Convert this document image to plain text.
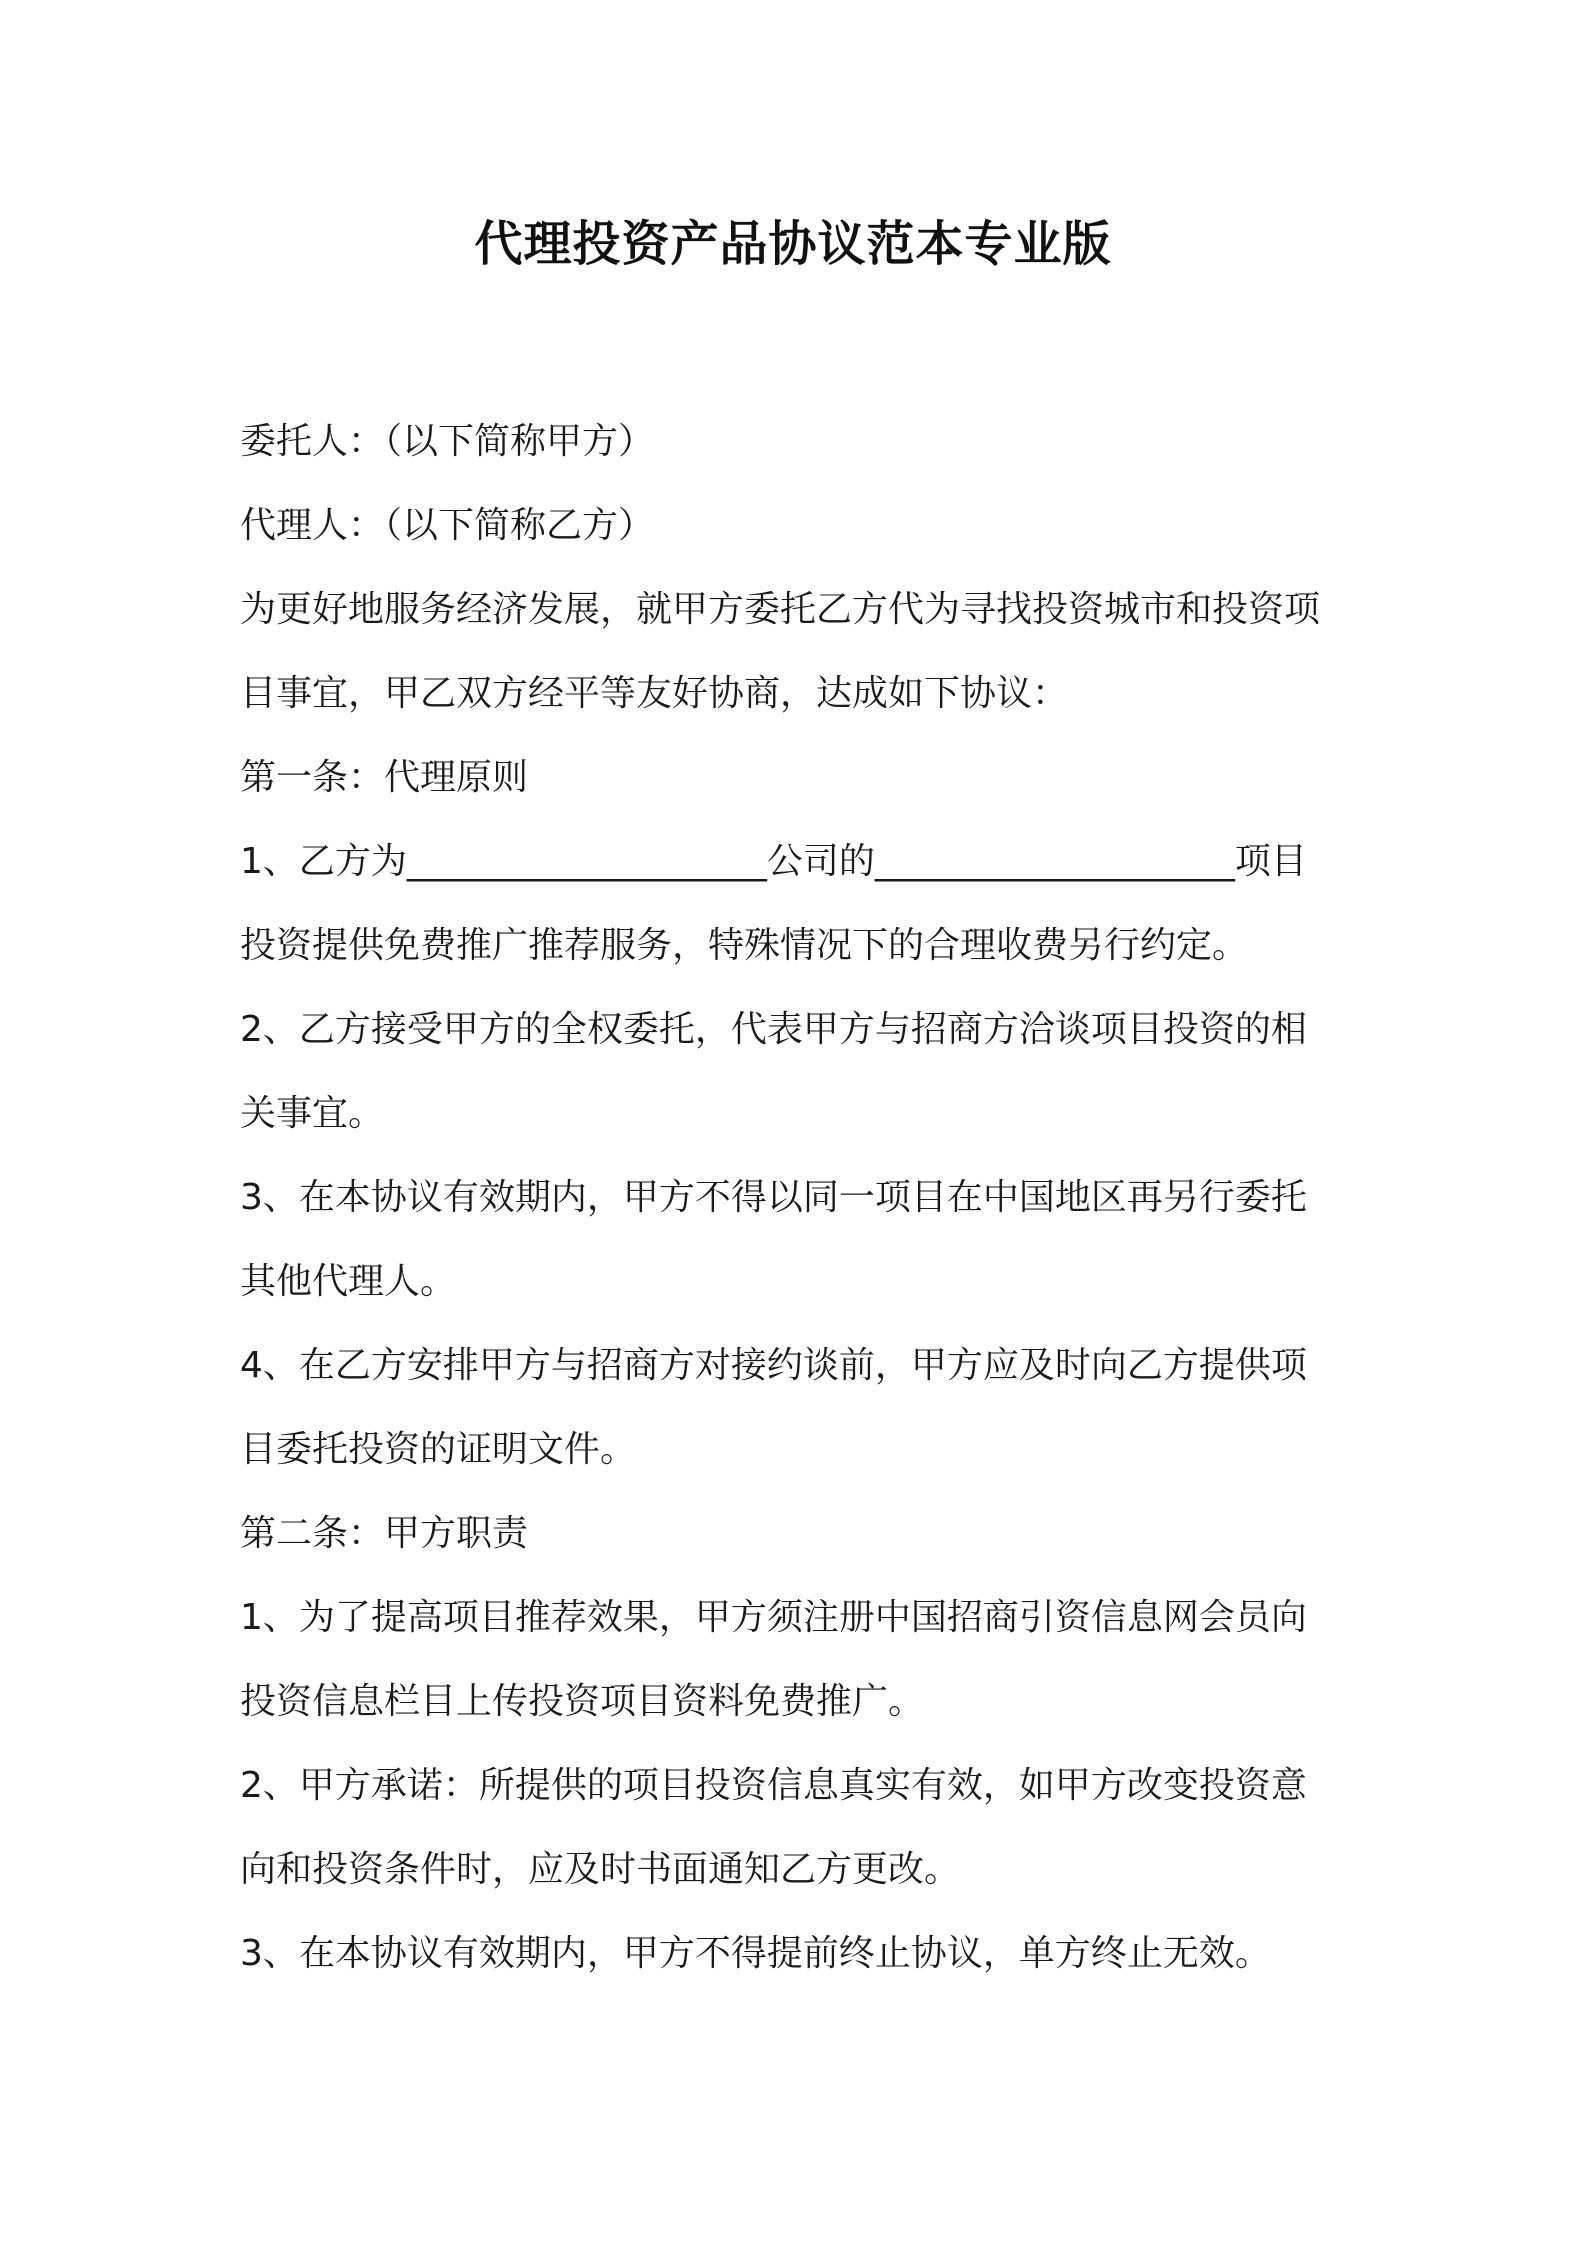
代理投资产品协议范本专业版
委托人：（以下简称甲方）
代理人：（以下简称乙方）
为更好地服务经济发展，就甲方委托乙方代为寻找投资城市和投资项
目事宜，甲乙双方经平等友好协商，达成如下协议：
第一条：代理原则
1、乙方为____________________公司的____________________项目
投资提供免费推广推荐服务，特殊情况下的合理收费另行约定。
2、乙方接受甲方的全权委托，代表甲方与招商方洽谈项目投资的相
关事宜。
3、在本协议有效期内，甲方不得以同一项目在中国地区再另行委托
其他代理人。
4、在乙方安排甲方与招商方对接约谈前，甲方应及时向乙方提供项
目委托投资的证明文件。
第二条：甲方职责
1、为了提高项目推荐效果，甲方须注册中国招商引资信息网会员向
投资信息栏目上传投资项目资料免费推广。
2、甲方承诺：所提供的项目投资信息真实有效，如甲方改变投资意
向和投资条件时，应及时书面通知乙方更改。
3、在本协议有效期内，甲方不得提前终止协议，单方终止无效。
